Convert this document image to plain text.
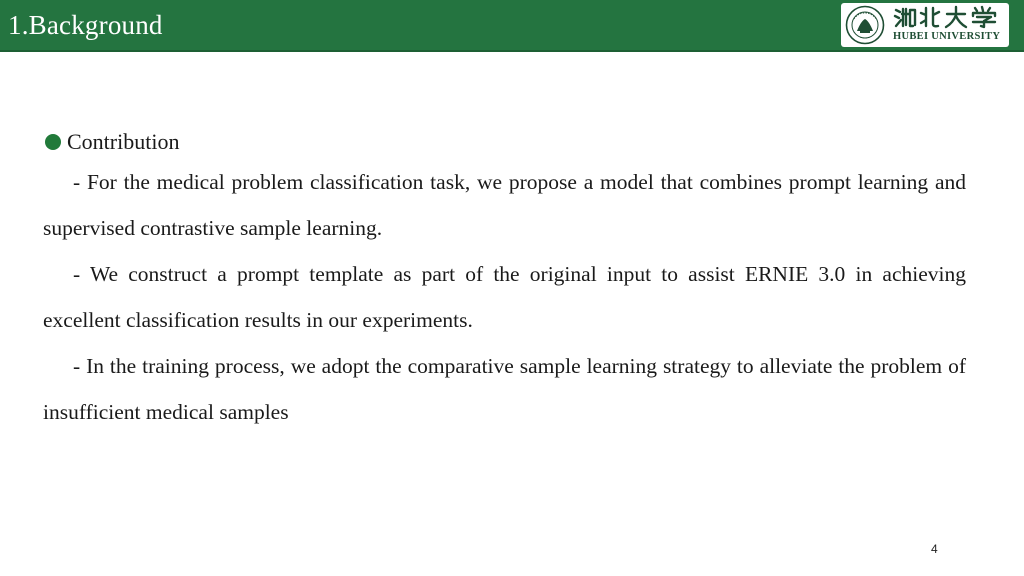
1.Background	HUBEI UNIVERSITY
Contribution

- For the medical problem classification task, we propose a model that combines prompt learning and supervised contrastive sample learning.

- We construct a prompt template as part of the original input to assist ERNIE 3.0 in achieving excellent classification results in our experiments.

- In the training process, we adopt the comparative sample learning strategy to alleviate the problem of insufficient medical samples

4
